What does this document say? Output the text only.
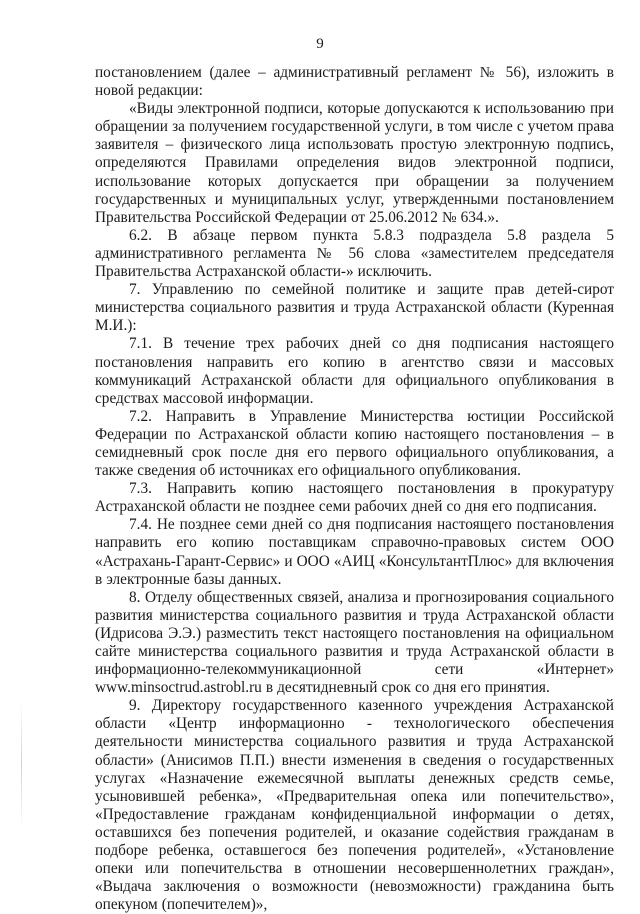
9

постановлением (далее – административный регламент № 56), изложить в новой редакции:

«Виды электронной подписи, которые допускаются к использованию при обращении за получением государственной услуги, в том числе с учетом права заявителя – физического лица использовать простую электронную подпись, определяются Правилами определения видов электронной подписи, использование которых допускается при обращении за получением государственных и муниципальных услуг, утвержденными постановлением Правительства Российской Федерации от 25.06.2012 № 634.».

6.2. В абзаце первом пункта 5.8.3 подраздела 5.8 раздела 5 административного регламента № 56 слова «заместителем председателя Правительства Астраханской области-» исключить.

7. Управлению по семейной политике и защите прав детей-сирот министерства социального развития и труда Астраханской области (Куренная М.И.):

7.1. В течение трех рабочих дней со дня подписания настоящего постановления направить его копию в агентство связи и массовых коммуникаций Астраханской области для официального опубликования в средствах массовой информации.

7.2. Направить в Управление Министерства юстиции Российской Федерации по Астраханской области копию настоящего постановления – в семидневный срок после дня его первого официального опубликования, а также сведения об источниках его официального опубликования.

7.3. Направить копию настоящего постановления в прокуратуру Астраханской области не позднее семи рабочих дней со дня его подписания.

7.4. Не позднее семи дней со дня подписания настоящего постановления направить его копию поставщикам справочно-правовых систем ООО «Астрахань-Гарант-Сервис» и ООО «АИЦ «КонсультантПлюс» для включения в электронные базы данных.

8. Отделу общественных связей, анализа и прогнозирования социального развития министерства социального развития и труда Астраханской области (Идрисова Э.Э.) разместить текст настоящего постановления на официальном сайте министерства социального развития и труда Астраханской области в информационно-телекоммуникационной сети «Интернет» www.minsoctrud.astrobl.ru в десятидневный срок со дня его принятия.

9. Директору государственного казенного учреждения Астраханской области «Центр информационно - технологического обеспечения деятельности министерства социального развития и труда Астраханской области» (Анисимов П.П.) внести изменения в сведения о государственных услугах «Назначение ежемесячной выплаты денежных средств семье, усыновившей ребенка», «Предварительная опека или попечительство», «Предоставление гражданам конфиденциальной информации о детях, оставшихся без попечения родителей, и оказание содействия гражданам в подборе ребенка, оставшегося без попечения родителей», «Установление опеки или попечительства в отношении несовершеннолетних граждан», «Выдача заключения о возможности (невозможности) гражданина быть опекуном (попечителем)»,
